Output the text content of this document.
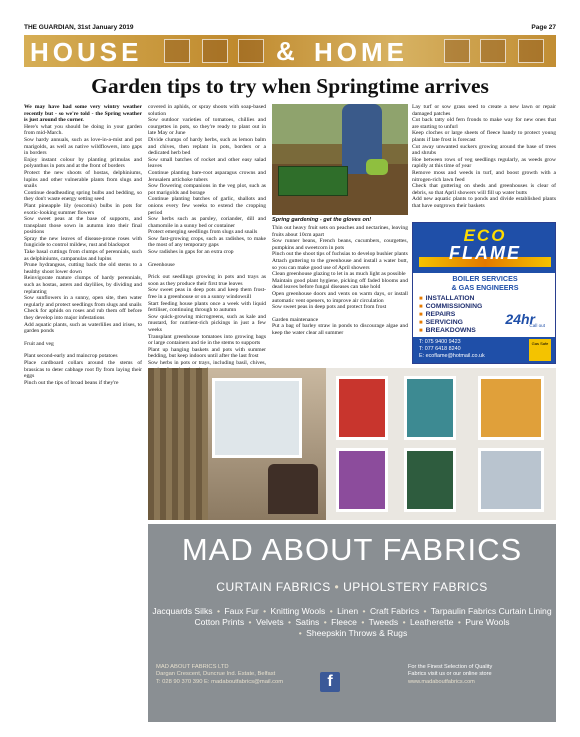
THE GUARDIAN, 31st January 2019	Page 27
HOUSE	& HOME
Garden tips to try when Springtime arrives

We may have had some very wintry weather recently but - so we're told - the Spring weather is just around the corner.

Here's what you should be doing in your garden from mid-March.

Sow hardy annuals, such as love-in-a-mist and pot marigolds, as well as native wildflowers, into gaps in borders

Enjoy instant colour by planting primulas and polyanthus in pots and at the front of borders

Protect the new shoots of hostas, delphiniums, lupins and other vulnerable plants from slugs and snails

Continue deadheading spring bulbs and bedding, so they don't waste energy setting seed

Plant pineapple lily (eucomis) bulbs in pots for exotic-looking summer flowers

Sow sweet peas at the base of supports, and transplant those sown in autumn into their final positions

Spray the new leaves of disease-prone roses with fungicide to control mildew, rust and blackspot

Take basal cuttings from clumps of perennials, such as delphiniums, campanulas and lupins

Prune hydrangeas, cutting back the old stems to a healthy shoot lower down

Reinvigorate mature clumps of hardy perennials, such as hostas, asters and daylilies, by dividing and replanting

Sow sunflowers in a sunny, open site, then water regularly and protect seedlings from slugs and snails

Check for aphids on roses and rub them off before they develop into major infestations

Add aquatic plants, such as waterlilies and irises, to garden ponds

Fruit and veg

Plant second-early and maincrop potatoes

Place cardboard collars around the stems of brassicas to deter cabbage root fly from laying their eggs

Pinch out the tips of broad beans if they're

covered in aphids, or spray shoots with soap-based solution

Sow outdoor varieties of tomatoes, chillies and courgettes in pots, so they're ready to plant out in late May or June

Divide clumps of hardy herbs, such as lemon balm and chives, then replant in pots, borders or a dedicated herb bed

Sow small batches of rocket and other easy salad leaves

Continue planting bare-root asparagus crowns and Jerusalem artichoke tubers

Sow flowering companions in the veg plot, such as pot marigolds and borage

Continue planting batches of garlic, shallots and onions every few weeks to extend the cropping period

Sow herbs such as parsley, coriander, dill and chamomile in a sunny bed or container

Protect emerging seedlings from slugs and snails

Sow fast-growing crops, such as radishes, to make the most of any temporary gaps

Sow radishes in gaps for an extra crop

Greenhouse

Prick out seedlings growing in pots and trays as soon as they produce their first true leaves

Sow sweet peas in deep pots and keep them frost-free in a greenhouse or on a sunny windowsill

Start feeding house plants once a week with liquid fertiliser, continuing through to autumn

Sow quick-growing microgreens, such as kale and mustard, for nutrient-rich pickings in just a few weeks

Transplant greenhouse tomatoes into growing bags or large containers and tie in the stems to supports

Plant up hanging baskets and pots with summer bedding, but keep indoors until after the last frost

Sow herbs in pots or trays, including basil, chives,

Spring gardening - get the gloves on!

Thin out heavy fruit sets on peaches and nectarines, leaving fruits about 10cm apart

Sow runner beans, French beans, cucumbers, courgettes, pumpkins and sweetcorn in pots

Pinch out the shoot tips of fuchsias to develop bushier plants

Attach guttering to the greenhouse and install a water butt, so you can make good use of April showers

Clean greenhouse glazing to let in as much light as possible

Maintain good plant hygiene, picking off faded blooms and dead leaves before fungal diseases can take hold

Open greenhouse doors and vents on warm days, or install automatic vent openers, to improve air circulation

Sow sweet peas in deep pots and protect from frost

Garden maintenance

Put a bag of barley straw in ponds to discourage algae and keep the water clear all summer

Lay turf or sow grass seed to create a new lawn or repair damaged patches

Cut back tatty old fern fronds to make way for new ones that are starting to unfurl

Keep cloches or large sheets of fleece handy to protect young plants if late frost is forecast

Cut away unwanted suckers growing around the base of trees and shrubs

Hoe between rows of veg seedlings regularly, as weeds grow rapidly at this time of year

Remove moss and weeds in turf, and boost growth with a nitrogen-rich lawn feed

Check that guttering on sheds and greenhouses is clear of debris, so that April showers will fill up water butts

Add new aquatic plants to ponds and divide established plants that have outgrown their baskets

ECO
FLAME
BOILER SERVICES
& GAS ENGINEERS
■ INSTALLATION
■ COMMISSIONING
■ REPAIRS
■ SERVICING
■ BREAKDOWNS
24hr
Call out
T: 075 9400 9423
T: 077 6418 8240
E: ecoflame@hotmail.co.uk
Gas Safe
MAD ABOUT FABRICS
CURTAIN FABRICS • UPHOLSTERY FABRICS
Jacquards Silks • Faux Fur • Knitting Wools • Linen • Craft Fabrics • Tarpaulin Fabrics Curtain Lining
Cotton Prints • Velvets • Satins • Fleece • Tweeds • Leatherette • Pure Wools
• Sheepskin Throws & Rugs
MAD ABOUT FABRICS LTD
Dargan Crescent, Duncrue Ind. Estate, Belfast
T: 028 90 370 390 E: madaboutfabrics@mail.com	f
For the Finest Selection of Quality
Fabrics visit us or our online store
www.madaboutfabrics.com
